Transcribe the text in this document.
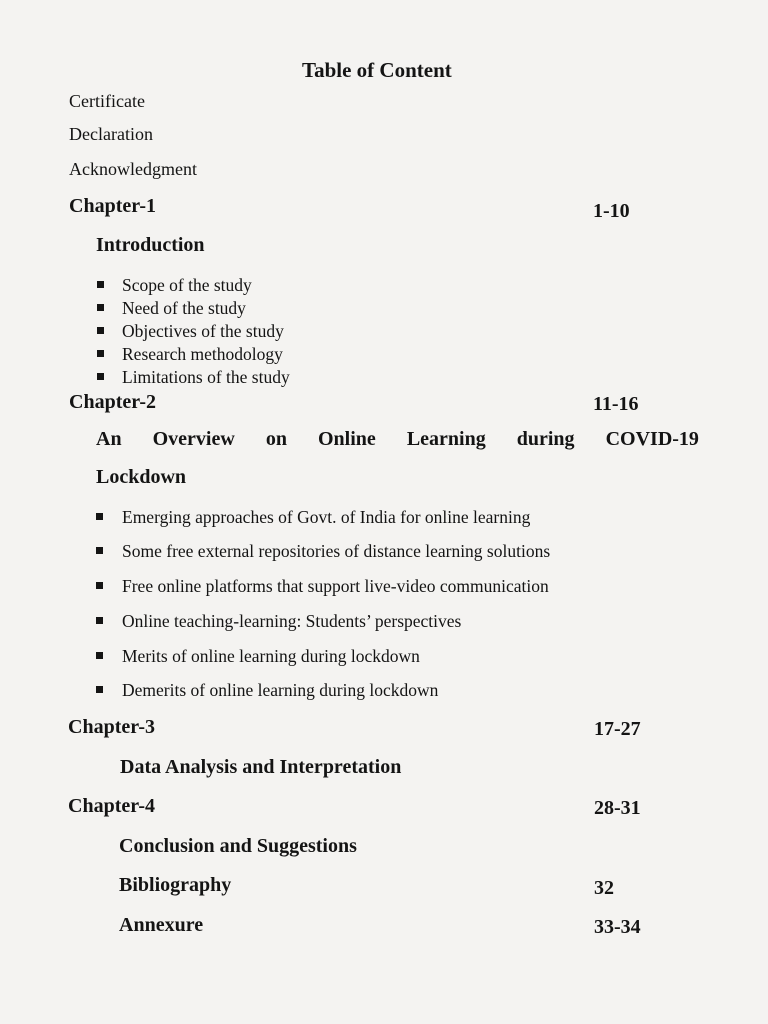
Table of Content
Certificate
Declaration
Acknowledgment
Chapter-1	1-10
Introduction
Scope of the study
Need of the study
Objectives of the study
Research methodology
Limitations of the study
Chapter-2	11-16
An Overview on Online Learning during COVID-19
Lockdown
Emerging approaches of Govt. of India for online learning
Some free external repositories of distance learning solutions
Free online platforms that support live-video communication
Online teaching-learning: Students’ perspectives
Merits of online learning during lockdown
Demerits of online learning during lockdown
Chapter-3	17-27
Data Analysis and Interpretation
Chapter-4	28-31
Conclusion and Suggestions
Bibliography	32
Annexure	33-34
